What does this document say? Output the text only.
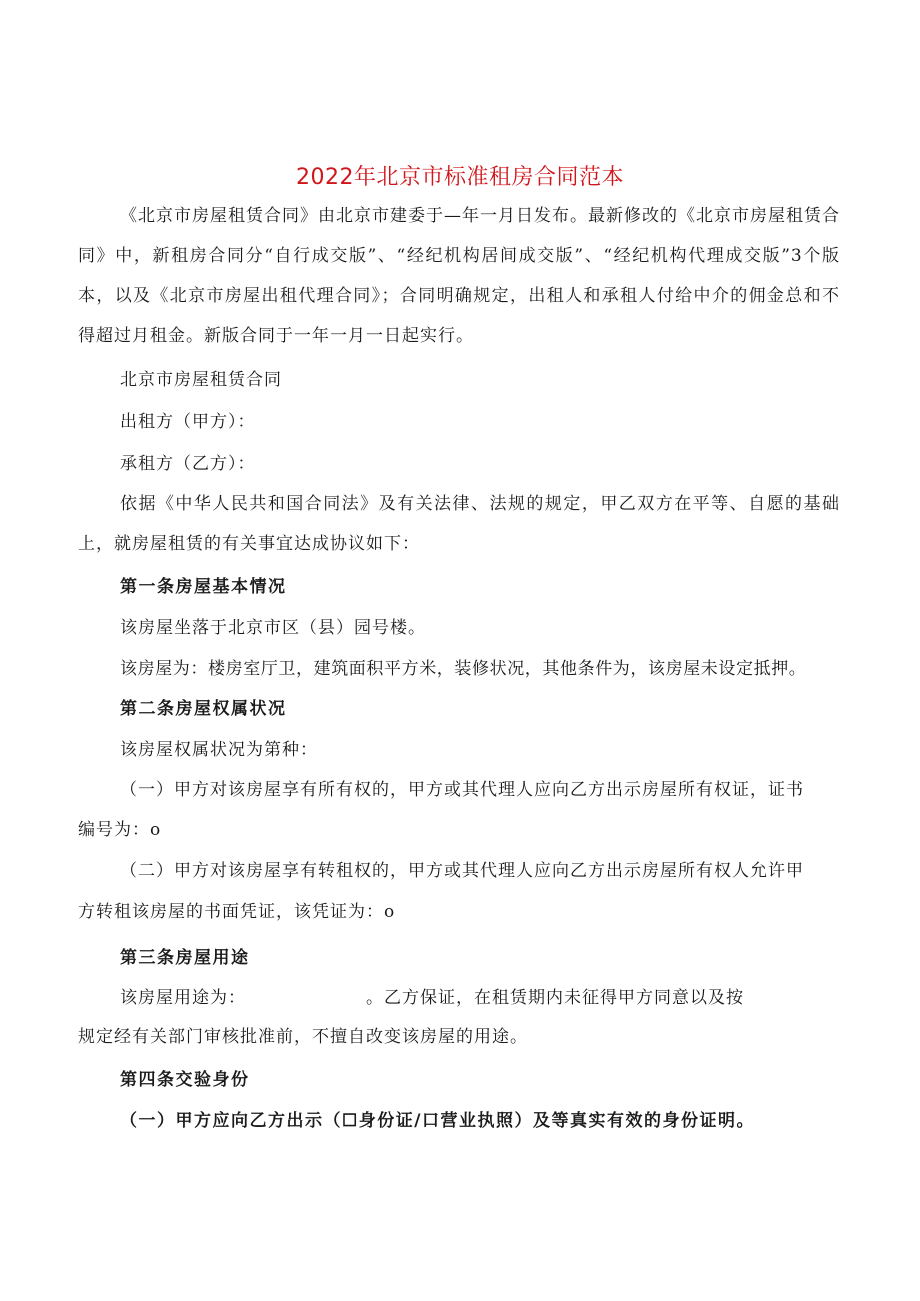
2022年北京市标准租房合同范本
《北京市房屋租赁合同》由北京市建委于—年一月日发布。最新修改的《北京市房屋租赁合同》中，新租房合同分“自行成交版”、“经纪机构居间成交版”、“经纪机构代理成交版”3个版本，以及《北京市房屋出租代理合同》；合同明确规定，出租人和承租人付给中介的佣金总和不得超过月租金。新版合同于一年一月一日起实行。
北京市房屋租赁合同
出租方（甲方）：
承租方（乙方）：
依据《中华人民共和国合同法》及有关法律、法规的规定，甲乙双方在平等、自愿的基础上，就房屋租赁的有关事宜达成协议如下：
第一条房屋基本情况
该房屋坐落于北京市区（县）园号楼。
该房屋为：楼房室厅卫，建筑面积平方米，装修状况，其他条件为，该房屋未设定抵押。
第二条房屋权属状况
该房屋权属状况为第种：
（一）甲方对该房屋享有所有权的，甲方或其代理人应向乙方出示房屋所有权证，证书
编号为：o
（二）甲方对该房屋享有转租权的，甲方或其代理人应向乙方出示房屋所有权人允许甲
方转租该房屋的书面凭证，该凭证为：o
第三条房屋用途
该房屋用途为：	。乙方保证，在租赁期内未征得甲方同意以及按
规定经有关部门审核批准前，不擅自改变该房屋的用途。
第四条交验身份
（一）甲方应向乙方出示（☐身份证/口营业执照）及等真实有效的身份证明。
